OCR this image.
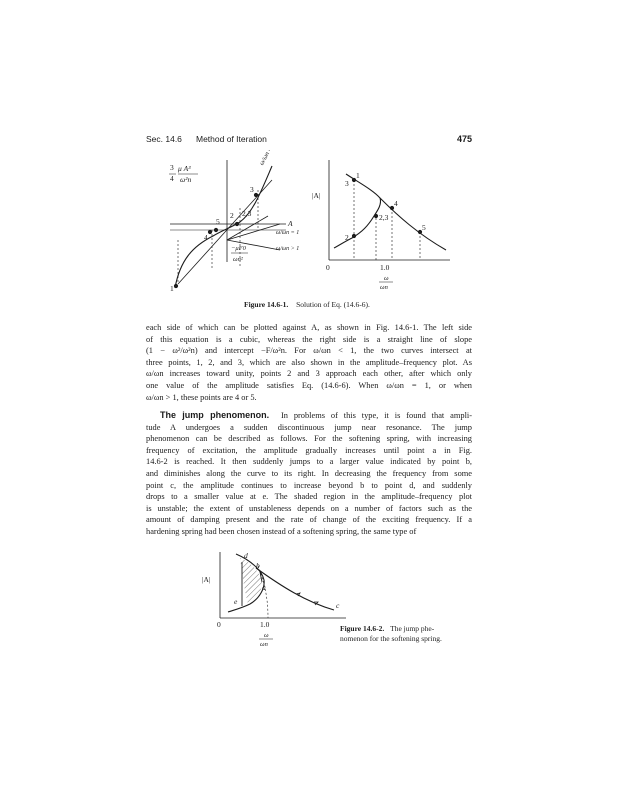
Sec. 14.6 Method of Iteration	475
3
4
μ A³
ω²n
ω/ωn ≠ 1
3
2 2,3
5
4
1
A
ω/ωn = 1
ω/ωn > 1
−μF0
ωn²
|A|
1
3
4
5
2
2,3
0	1.0
ω
ωn
Figure 14.6-1. Solution of Eq. (14.6-6).
each side of which can be plotted against A, as shown in Fig. 14.6-1. The left side
of this equation is a cubic, whereas the right side is a straight line of slope
(1 − ω²/ω²n) and intercept −F/ω²n. For ω/ωn < 1, the two curves intersect at
three points, 1, 2, and 3, which are also shown in the amplitude–frequency plot. As
ω/ωn increases toward unity, points 2 and 3 approach each other, after which only
one value of the amplitude satisfies Eq. (14.6-6). When ω/ωn = 1, or when
ω/ωn > 1, these points are 4 or 5.
The jump phenomenon. In problems of this type, it is found that ampli-
tude A undergoes a sudden discontinuous jump near resonance. The jump
phenomenon can be described as follows. For the softening spring, with increasing
frequency of excitation, the amplitude gradually increases until point a in Fig.
14.6-2 is reached. It then suddenly jumps to a larger value indicated by point b,
and diminishes along the curve to its right. In decreasing the frequency from some
point c, the amplitude continues to increase beyond b to point d, and suddenly
drops to a smaller value at e. The shaded region in the amplitude–frequency plot
is unstable; the extent of unstableness depends on a number of factors such as the
amount of damping present and the rate of change of the exciting frequency. If a
hardening spring had been chosen instead of a softening spring, the same type of
|A|
d
b
a
e	c
0	1.0
ω
ωn
Figure 14.6-2. The jump phe-
nomenon for the softening spring.
